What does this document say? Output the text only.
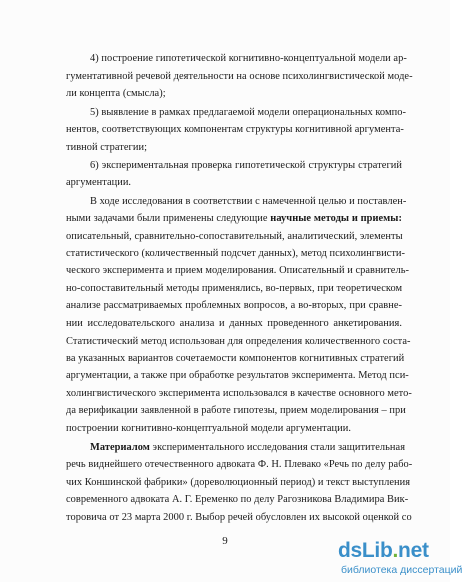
4) построение гипотетической когнитивно-концептуальной модели ар-
гументативной речевой деятельности на основе психолингвистической моде-
ли концепта (смысла);
5) выявление в рамках предлагаемой модели операциональных компо-
нентов, соответствующих компонентам структуры когнитивной аргумента-
тивной стратегии;
6) экспериментальная проверка гипотетической структуры стратегий
аргументации.
В ходе исследования в соответствии с намеченной целью и поставлен-
ными задачами были применены следующие научные методы и приемы:
описательный, сравнительно-сопоставительный, аналитический, элементы
статистического (количественный подсчет данных), метод психолингвисти-
ческого эксперимента и прием моделирования. Описательный и сравнитель-
но-сопоставительный методы применялись, во-первых, при теоретическом
анализе рассматриваемых проблемных вопросов, а во-вторых, при сравне-
нии исследовательского анализа и данных проведенного анкетирования.
Статистический метод использован для определения количественного соста-
ва указанных вариантов сочетаемости компонентов когнитивных стратегий
аргументации, а также при обработке результатов эксперимента. Метод пси-
холингвистического эксперимента использовался в качестве основного мето-
да верификации заявленной в работе гипотезы, прием моделирования – при
построении когнитивно-концептуальной модели аргументации.
Материалом экспериментального исследования стали защитительная
речь виднейшего отечественного адвоката Ф. Н. Плевако «Речь по делу рабо-
чих Коншинской фабрики» (дореволюционный период) и текст выступления
современного адвоката А. Г. Еременко по делу Рагозникова Владимира Вик-
торовича от 23 марта 2000 г. Выбор речей обусловлен их высокой оценкой со
9	dsLib.net
библиотека диссертаций
